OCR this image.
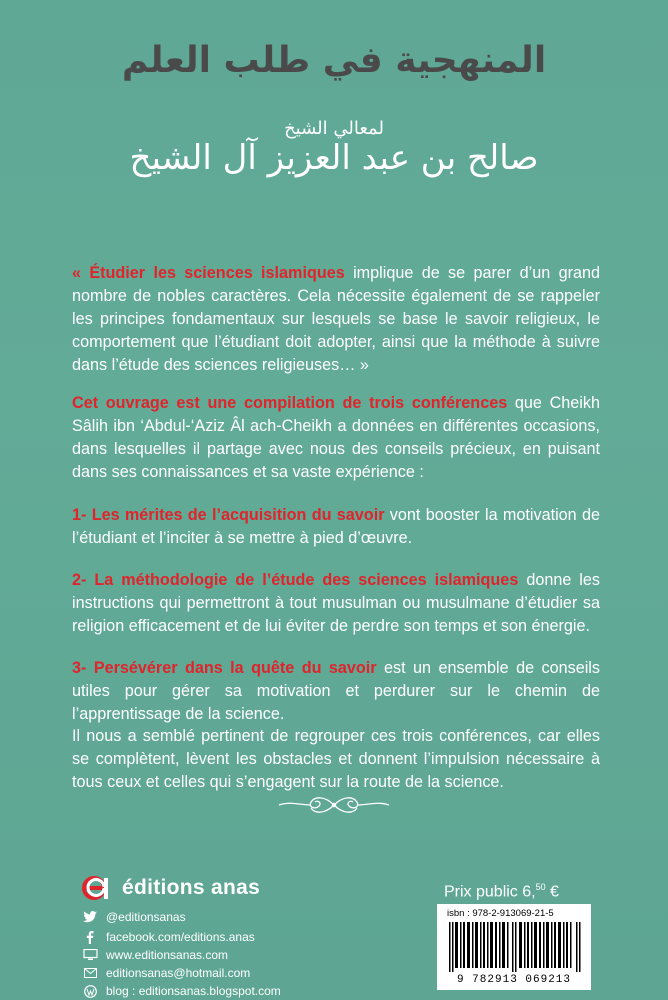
المنهجية في طلب العلم
لمعالي الشيخ
صالح بن عبد العزيز آل الشيخ

« Étudier les sciences islamiques implique de se parer d’un grand nombre de nobles caractères. Cela nécessite également de se rappeler les principes fondamentaux sur lesquels se base le savoir religieux, le comportement que l’étudiant doit adopter, ainsi que la méthode à suivre dans l’étude des sciences religieuses… »

Cet ouvrage est une compilation de trois conférences que Cheikh Sâlih ibn ‘Abdul-‘Aziz Âl ach-Cheikh a données en différentes occasions, dans lesquelles il partage avec nous des conseils précieux, en puisant dans ses connaissances et sa vaste expérience :

1- Les mérites de l’acquisition du savoir vont booster la motivation de l’étudiant et l’inciter à se mettre à pied d’œuvre.

2- La méthodologie de l’étude des sciences islamiques donne les instructions qui permettront à tout musulman ou musulmane d’étudier sa religion efficacement et de lui éviter de perdre son temps et son énergie.

3- Persévérer dans la quête du savoir est un ensemble de conseils utiles pour gérer sa motivation et perdurer sur le chemin de l’apprentissage de la science.

Il nous a semblé pertinent de regrouper ces trois conférences, car elles se complètent, lèvent les obstacles et donnent l’impulsion nécessaire à tous ceux et celles qui s’engagent sur la route de la science.

éditions anas
@editionsanas
facebook.com/editions.anas
www.editionsanas.com
editionsanas@hotmail.com
blog : editionsanas.blogspot.com
Prix public 6,50 €
isbn : 978-2-913069-21-5
9 782913 069213
